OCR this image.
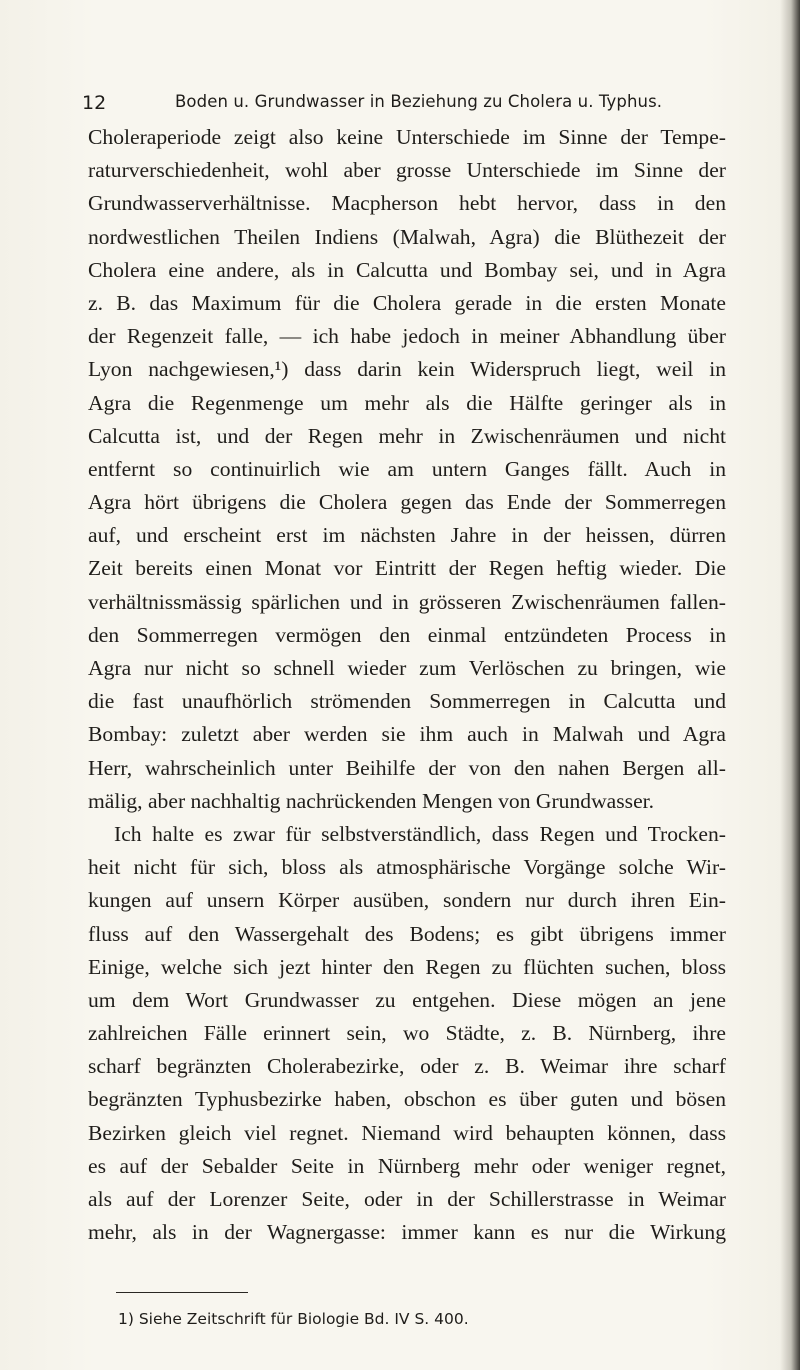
12	Boden u. Grundwasser in Beziehung zu Cholera u. Typhus.
Choleraperiode zeigt also keine Unterschiede im Sinne der Tempe-
raturverschiedenheit, wohl aber grosse Unterschiede im Sinne der
Grundwasserverhältnisse. Macpherson hebt hervor, dass in den
nordwestlichen Theilen Indiens (Malwah, Agra) die Blüthezeit der
Cholera eine andere, als in Calcutta und Bombay sei, und in Agra
z. B. das Maximum für die Cholera gerade in die ersten Monate
der Regenzeit falle, — ich habe jedoch in meiner Abhandlung über
Lyon nachgewiesen,¹) dass darin kein Widerspruch liegt, weil in
Agra die Regenmenge um mehr als die Hälfte geringer als in
Calcutta ist, und der Regen mehr in Zwischenräumen und nicht
entfernt so continuirlich wie am untern Ganges fällt. Auch in
Agra hört übrigens die Cholera gegen das Ende der Sommerregen
auf, und erscheint erst im nächsten Jahre in der heissen, dürren
Zeit bereits einen Monat vor Eintritt der Regen heftig wieder. Die
verhältnissmässig spärlichen und in grösseren Zwischenräumen fallen-
den Sommerregen vermögen den einmal entzündeten Process in
Agra nur nicht so schnell wieder zum Verlöschen zu bringen, wie
die fast unaufhörlich strömenden Sommerregen in Calcutta und
Bombay: zuletzt aber werden sie ihm auch in Malwah und Agra
Herr, wahrscheinlich unter Beihilfe der von den nahen Bergen all-
mälig, aber nachhaltig nachrückenden Mengen von Grundwasser.
Ich halte es zwar für selbstverständlich, dass Regen und Trocken-
heit nicht für sich, bloss als atmosphärische Vorgänge solche Wir-
kungen auf unsern Körper ausüben, sondern nur durch ihren Ein-
fluss auf den Wassergehalt des Bodens; es gibt übrigens immer
Einige, welche sich jezt hinter den Regen zu flüchten suchen, bloss
um dem Wort Grundwasser zu entgehen. Diese mögen an jene
zahlreichen Fälle erinnert sein, wo Städte, z. B. Nürnberg, ihre
scharf begränzten Cholerabezirke, oder z. B. Weimar ihre scharf
begränzten Typhusbezirke haben, obschon es über guten und bösen
Bezirken gleich viel regnet. Niemand wird behaupten können, dass
es auf der Sebalder Seite in Nürnberg mehr oder weniger regnet,
als auf der Lorenzer Seite, oder in der Schillerstrasse in Weimar
mehr, als in der Wagnergasse: immer kann es nur die Wirkung
1) Siehe Zeitschrift für Biologie Bd. IV S. 400.
